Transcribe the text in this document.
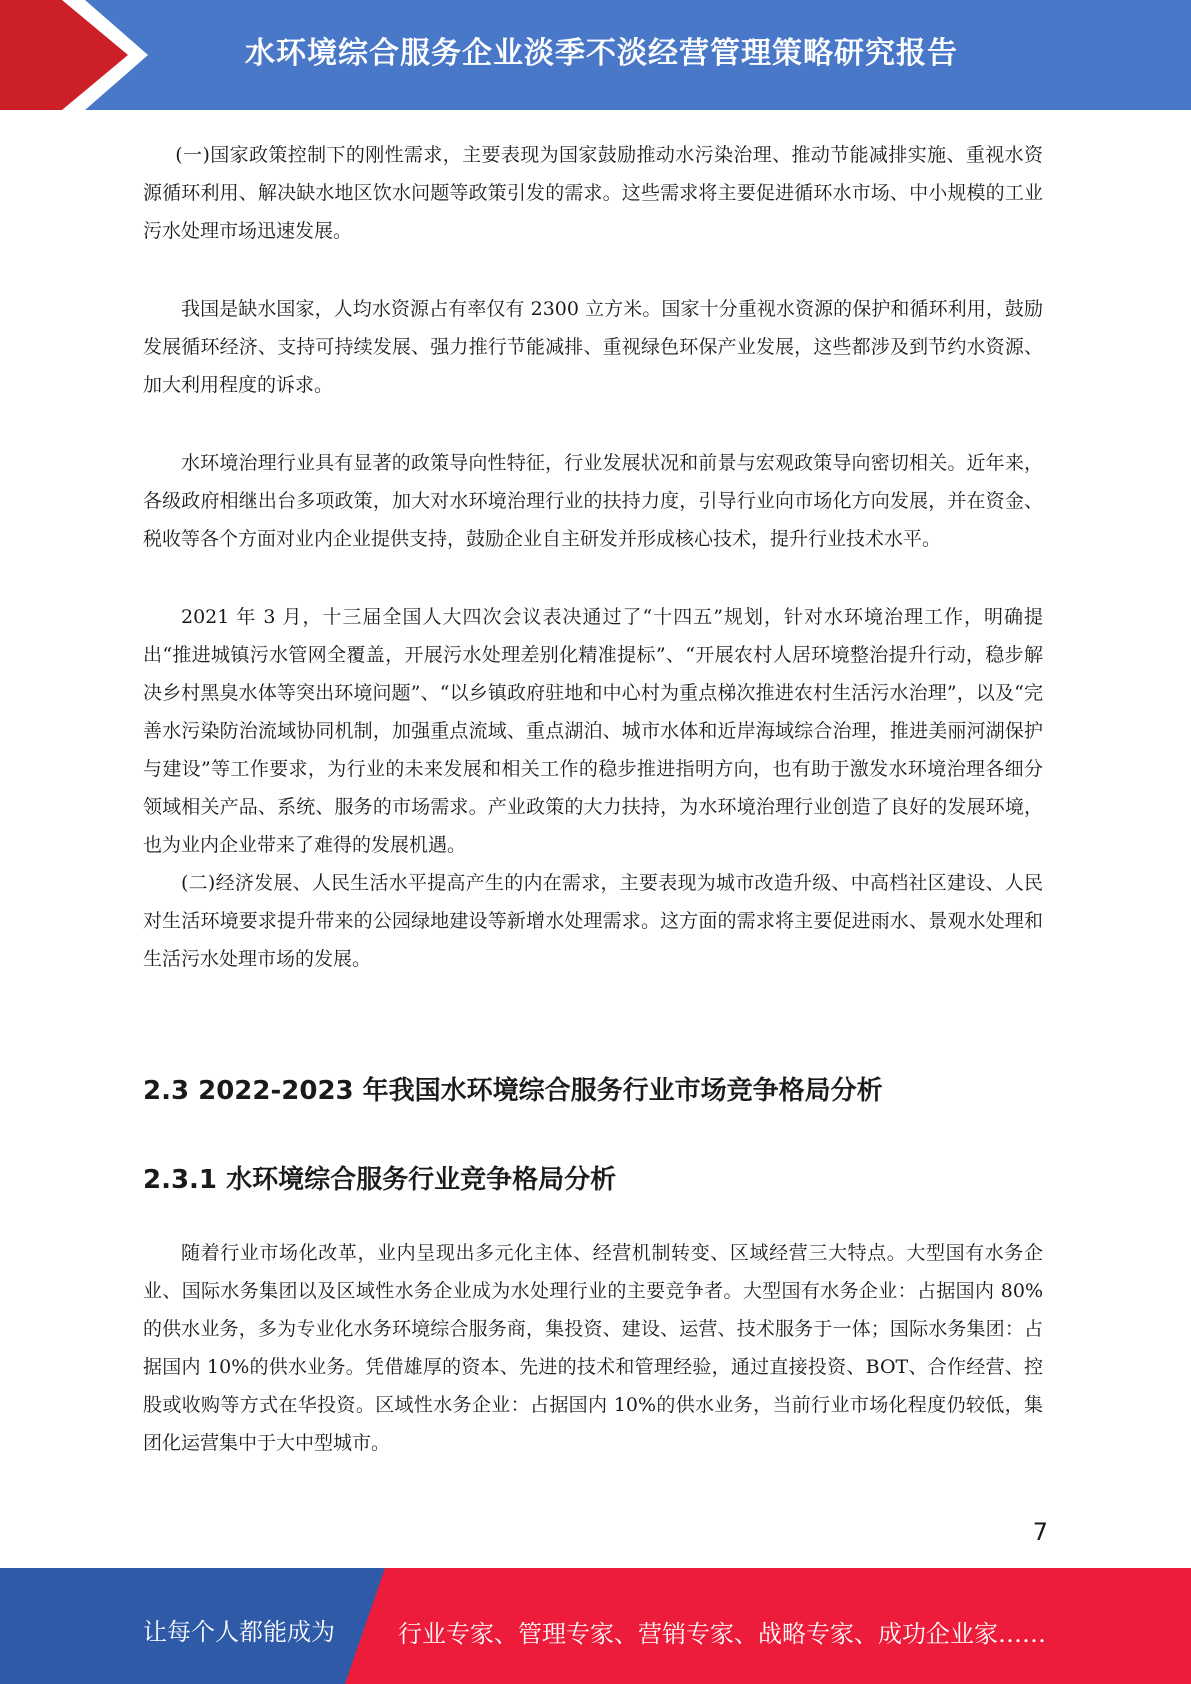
水环境综合服务企业淡季不淡经营管理策略研究报告

(一)国家政策控制下的刚性需求，主要表现为国家鼓励推动水污染治理、推动节能减排实施、重视水资源循环利用、解决缺水地区饮水问题等政策引发的需求。这些需求将主要促进循环水市场、中小规模的工业污水处理市场迅速发展。

我国是缺水国家，人均水资源占有率仅有 2300 立方米。国家十分重视水资源的保护和循环利用，鼓励发展循环经济、支持可持续发展、强力推行节能减排、重视绿色环保产业发展，这些都涉及到节约水资源、加大利用程度的诉求。

水环境治理行业具有显著的政策导向性特征，行业发展状况和前景与宏观政策导向密切相关。近年来，各级政府相继出台多项政策，加大对水环境治理行业的扶持力度，引导行业向市场化方向发展，并在资金、税收等各个方面对业内企业提供支持，鼓励企业自主研发并形成核心技术，提升行业技术水平。

2021 年 3 月，十三届全国人大四次会议表决通过了“十四五”规划，针对水环境治理工作，明确提出“推进城镇污水管网全覆盖，开展污水处理差别化精准提标”、“开展农村人居环境整治提升行动，稳步解决乡村黑臭水体等突出环境问题”、“以乡镇政府驻地和中心村为重点梯次推进农村生活污水治理”，以及“完善水污染防治流域协同机制，加强重点流域、重点湖泊、城市水体和近岸海域综合治理，推进美丽河湖保护与建设”等工作要求，为行业的未来发展和相关工作的稳步推进指明方向，也有助于激发水环境治理各细分领域相关产品、系统、服务的市场需求。产业政策的大力扶持，为水环境治理行业创造了良好的发展环境，也为业内企业带来了难得的发展机遇。

(二)经济发展、人民生活水平提高产生的内在需求，主要表现为城市改造升级、中高档社区建设、人民对生活环境要求提升带来的公园绿地建设等新增水处理需求。这方面的需求将主要促进雨水、景观水处理和生活污水处理市场的发展。

2.3 2022-2023 年我国水环境综合服务行业市场竞争格局分析
2.3.1 水环境综合服务行业竞争格局分析

随着行业市场化改革，业内呈现出多元化主体、经营机制转变、区域经营三大特点。大型国有水务企业、国际水务集团以及区域性水务企业成为水处理行业的主要竞争者。大型国有水务企业：占据国内 80%的供水业务，多为专业化水务环境综合服务商，集投资、建设、运营、技术服务于一体；国际水务集团：占据国内 10%的供水业务。凭借雄厚的资本、先进的技术和管理经验，通过直接投资、BOT、合作经营、控股或收购等方式在华投资。区域性水务企业：占据国内 10%的供水业务，当前行业市场化程度仍较低，集团化运营集中于大中型城市。

7
让每个人都能成为	行业专家、管理专家、营销专家、战略专家、成功企业家……
